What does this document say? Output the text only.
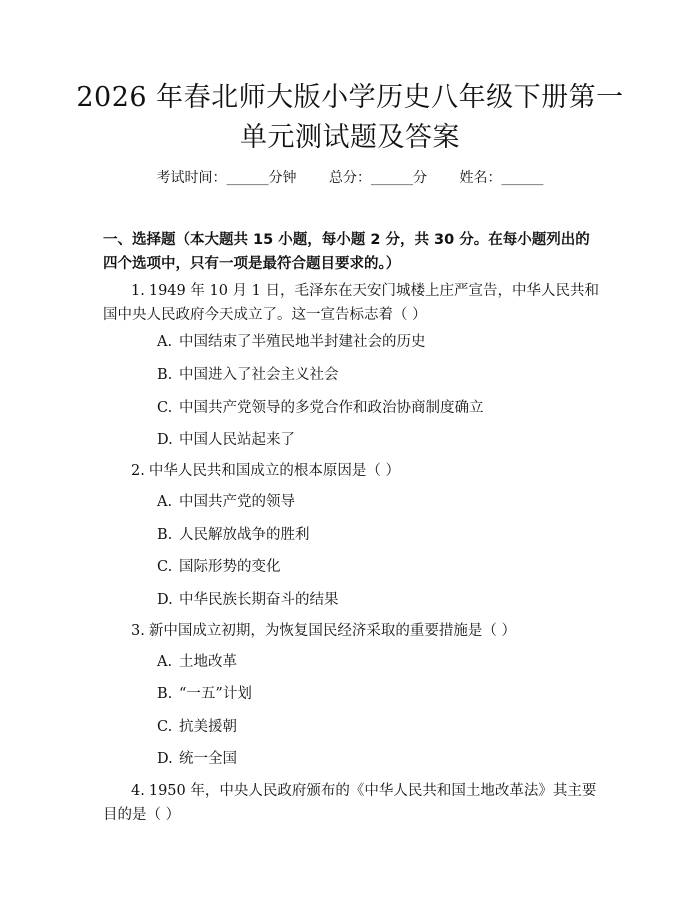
2026 年春北师大版小学历史八年级下册第一
单元测试题及答案
考试时间：______分钟 总分：______分 姓名：______

一、选择题（本大题共 15 小题，每小题 2 分，共 30 分。在每小题列出的四个选项中，只有一项是最符合题目要求的。）

1. 1949 年 10 月 1 日，毛泽东在天安门城楼上庄严宣告，中华人民共和国中央人民政府今天成立了。这一宣告标志着（ ）

A. 中国结束了半殖民地半封建社会的历史
B. 中国进入了社会主义社会
C. 中国共产党领导的多党合作和政治协商制度确立
D. 中国人民站起来了

2. 中华人民共和国成立的根本原因是（ ）

A. 中国共产党的领导
B. 人民解放战争的胜利
C. 国际形势的变化
D. 中华民族长期奋斗的结果

3. 新中国成立初期，为恢复国民经济采取的重要措施是（ ）

A. 土地改革
B. “一五”计划
C. 抗美援朝
D. 统一全国

4. 1950 年，中央人民政府颁布的《中华人民共和国土地改革法》其主要目的是（ ）
